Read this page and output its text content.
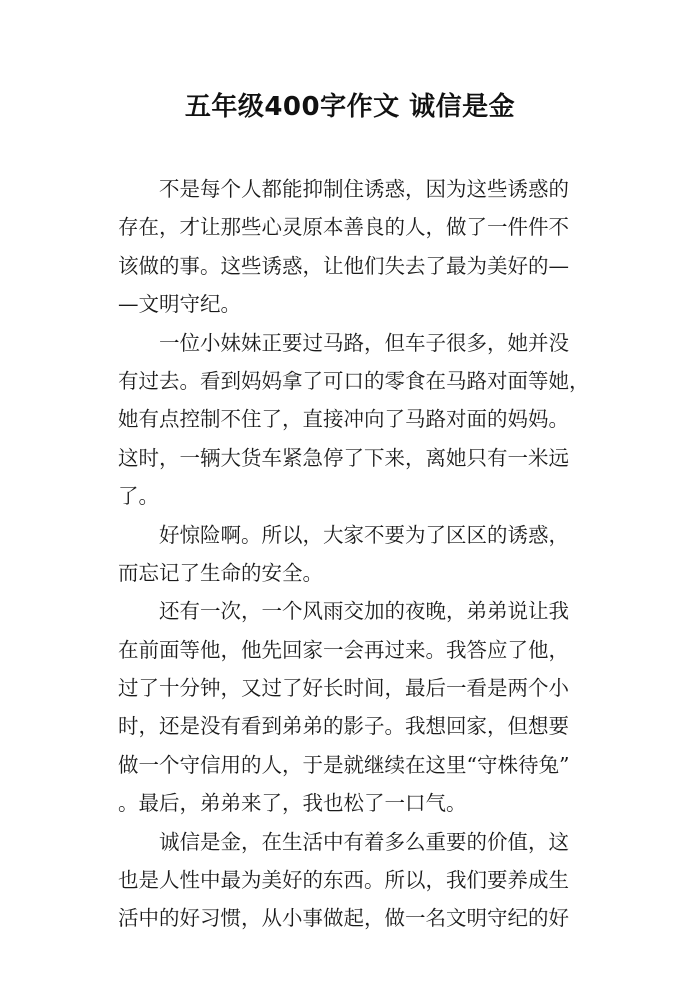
五年级400字作文 诚信是金
不是每个人都能抑制住诱惑，因为这些诱惑的
存在，才让那些心灵原本善良的人，做了一件件不
该做的事。这些诱惑，让他们失去了最为美好的—
—文明守纪。
一位小妹妹正要过马路，但车子很多，她并没
有过去。看到妈妈拿了可口的零食在马路对面等她，
她有点控制不住了，直接冲向了马路对面的妈妈。
这时，一辆大货车紧急停了下来，离她只有一米远
了。
好惊险啊。所以，大家不要为了区区的诱惑，
而忘记了生命的安全。
还有一次，一个风雨交加的夜晚，弟弟说让我
在前面等他，他先回家一会再过来。我答应了他，
过了十分钟，又过了好长时间，最后一看是两个小
时，还是没有看到弟弟的影子。我想回家，但想要
做一个守信用的人，于是就继续在这里“守株待兔”
。最后，弟弟来了，我也松了一口气。
诚信是金，在生活中有着多么重要的价值，这
也是人性中最为美好的东西。所以，我们要养成生
活中的好习惯，从小事做起，做一名文明守纪的好
